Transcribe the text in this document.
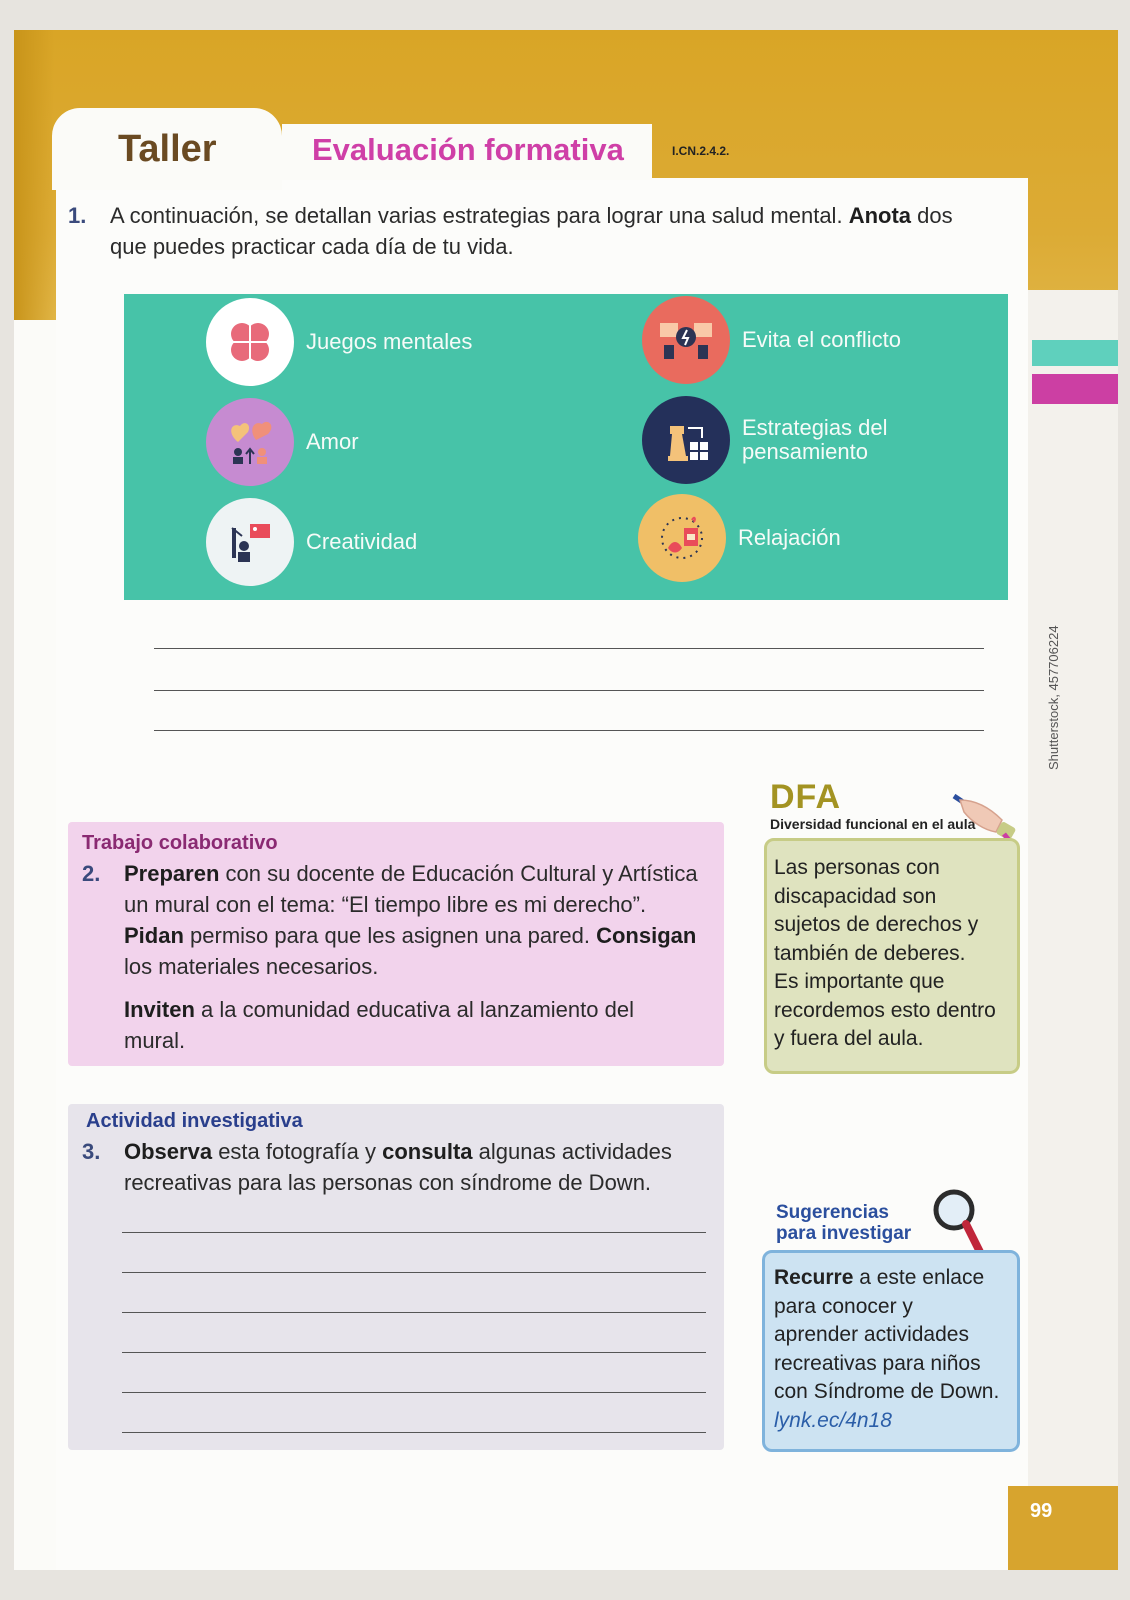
Taller	Evaluación formativa	I.CN.2.4.2.
1. A continuación, se detallan varias estrategias para lograr una salud mental. Anota dos
que puedes practicar cada día de tu vida.
Juegos mentales	Evita el conflicto
Amor
Estrategias del
pensamiento
Creatividad	Relajación
Shutterstock, 457706224
Trabajo colaborativo
2. Preparen con su docente de Educación Cultural y Artística
un mural con el tema: “El tiempo libre es mi derecho”.
Pidan permiso para que les asignen una pared. Consigan
los materiales necesarios.
Inviten a la comunidad educativa al lanzamiento del
mural.
Actividad investigativa
3. Observa esta fotografía y consulta algunas actividades
recreativas para las personas con síndrome de Down.
DFA
Diversidad funcional en el aula
Las personas con
discapacidad son
sujetos de derechos y
también de deberes.
Es importante que
recordemos esto dentro
y fuera del aula.
Sugerencias
para investigar
Recurre a este enlace
para conocer y
aprender actividades
recreativas para niños
con Síndrome de Down.
lynk.ec/4n18
99
